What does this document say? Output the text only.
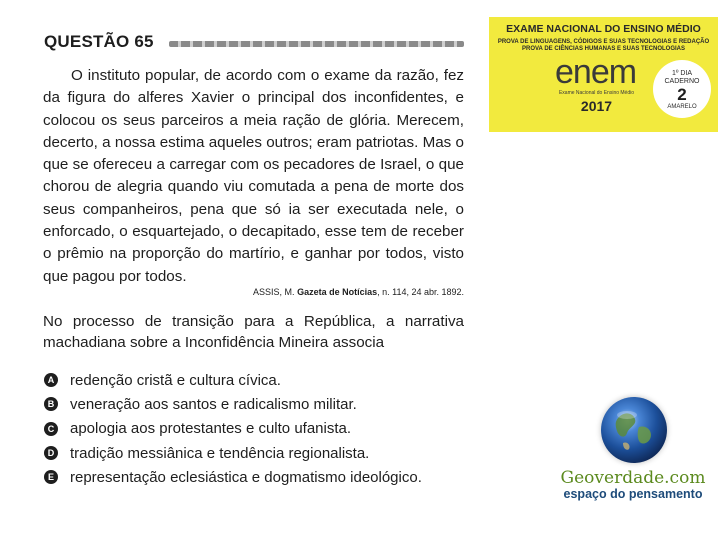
QUESTÃO 65

O instituto popular, de acordo com o exame da razão, fez da figura do alferes Xavier o principal dos inconfidentes, e colocou os seus parceiros a meia ração de glória. Merecem, decerto, a nossa estima aqueles outros; eram patriotas. Mas o que se ofereceu a carregar com os pecadores de Israel, o que chorou de alegria quando viu comutada a pena de morte dos seus companheiros, pena que só ia ser executada nele, o enforcado, o esquartejado, o decapitado, esse tem de receber o prêmio na proporção do martírio, e ganhar por todos, visto que pagou por todos.

ASSIS, M. Gazeta de Notícias, n. 114, 24 abr. 1892.

No processo de transição para a República, a narrativa machadiana sobre a Inconfidência Mineira associa

A redenção cristã e cultura cívica.
B veneração aos santos e radicalismo militar.
C apologia aos protestantes e culto ufanista.
D tradição messiânica e tendência regionalista.
E representação eclesiástica e dogmatismo ideológico.
EXAME NACIONAL DO ENSINO MÉDIO
PROVA DE LINGUAGENS, CÓDIGOS E SUAS TECNOLOGIAS E REDAÇÃO
PROVA DE CIÊNCIAS HUMANAS E SUAS TECNOLOGIAS
enem
Exame Nacional do Ensino Médio
2017
1º DIA
CADERNO
2
AMARELO
Geoverdade.com
espaço do pensamento
